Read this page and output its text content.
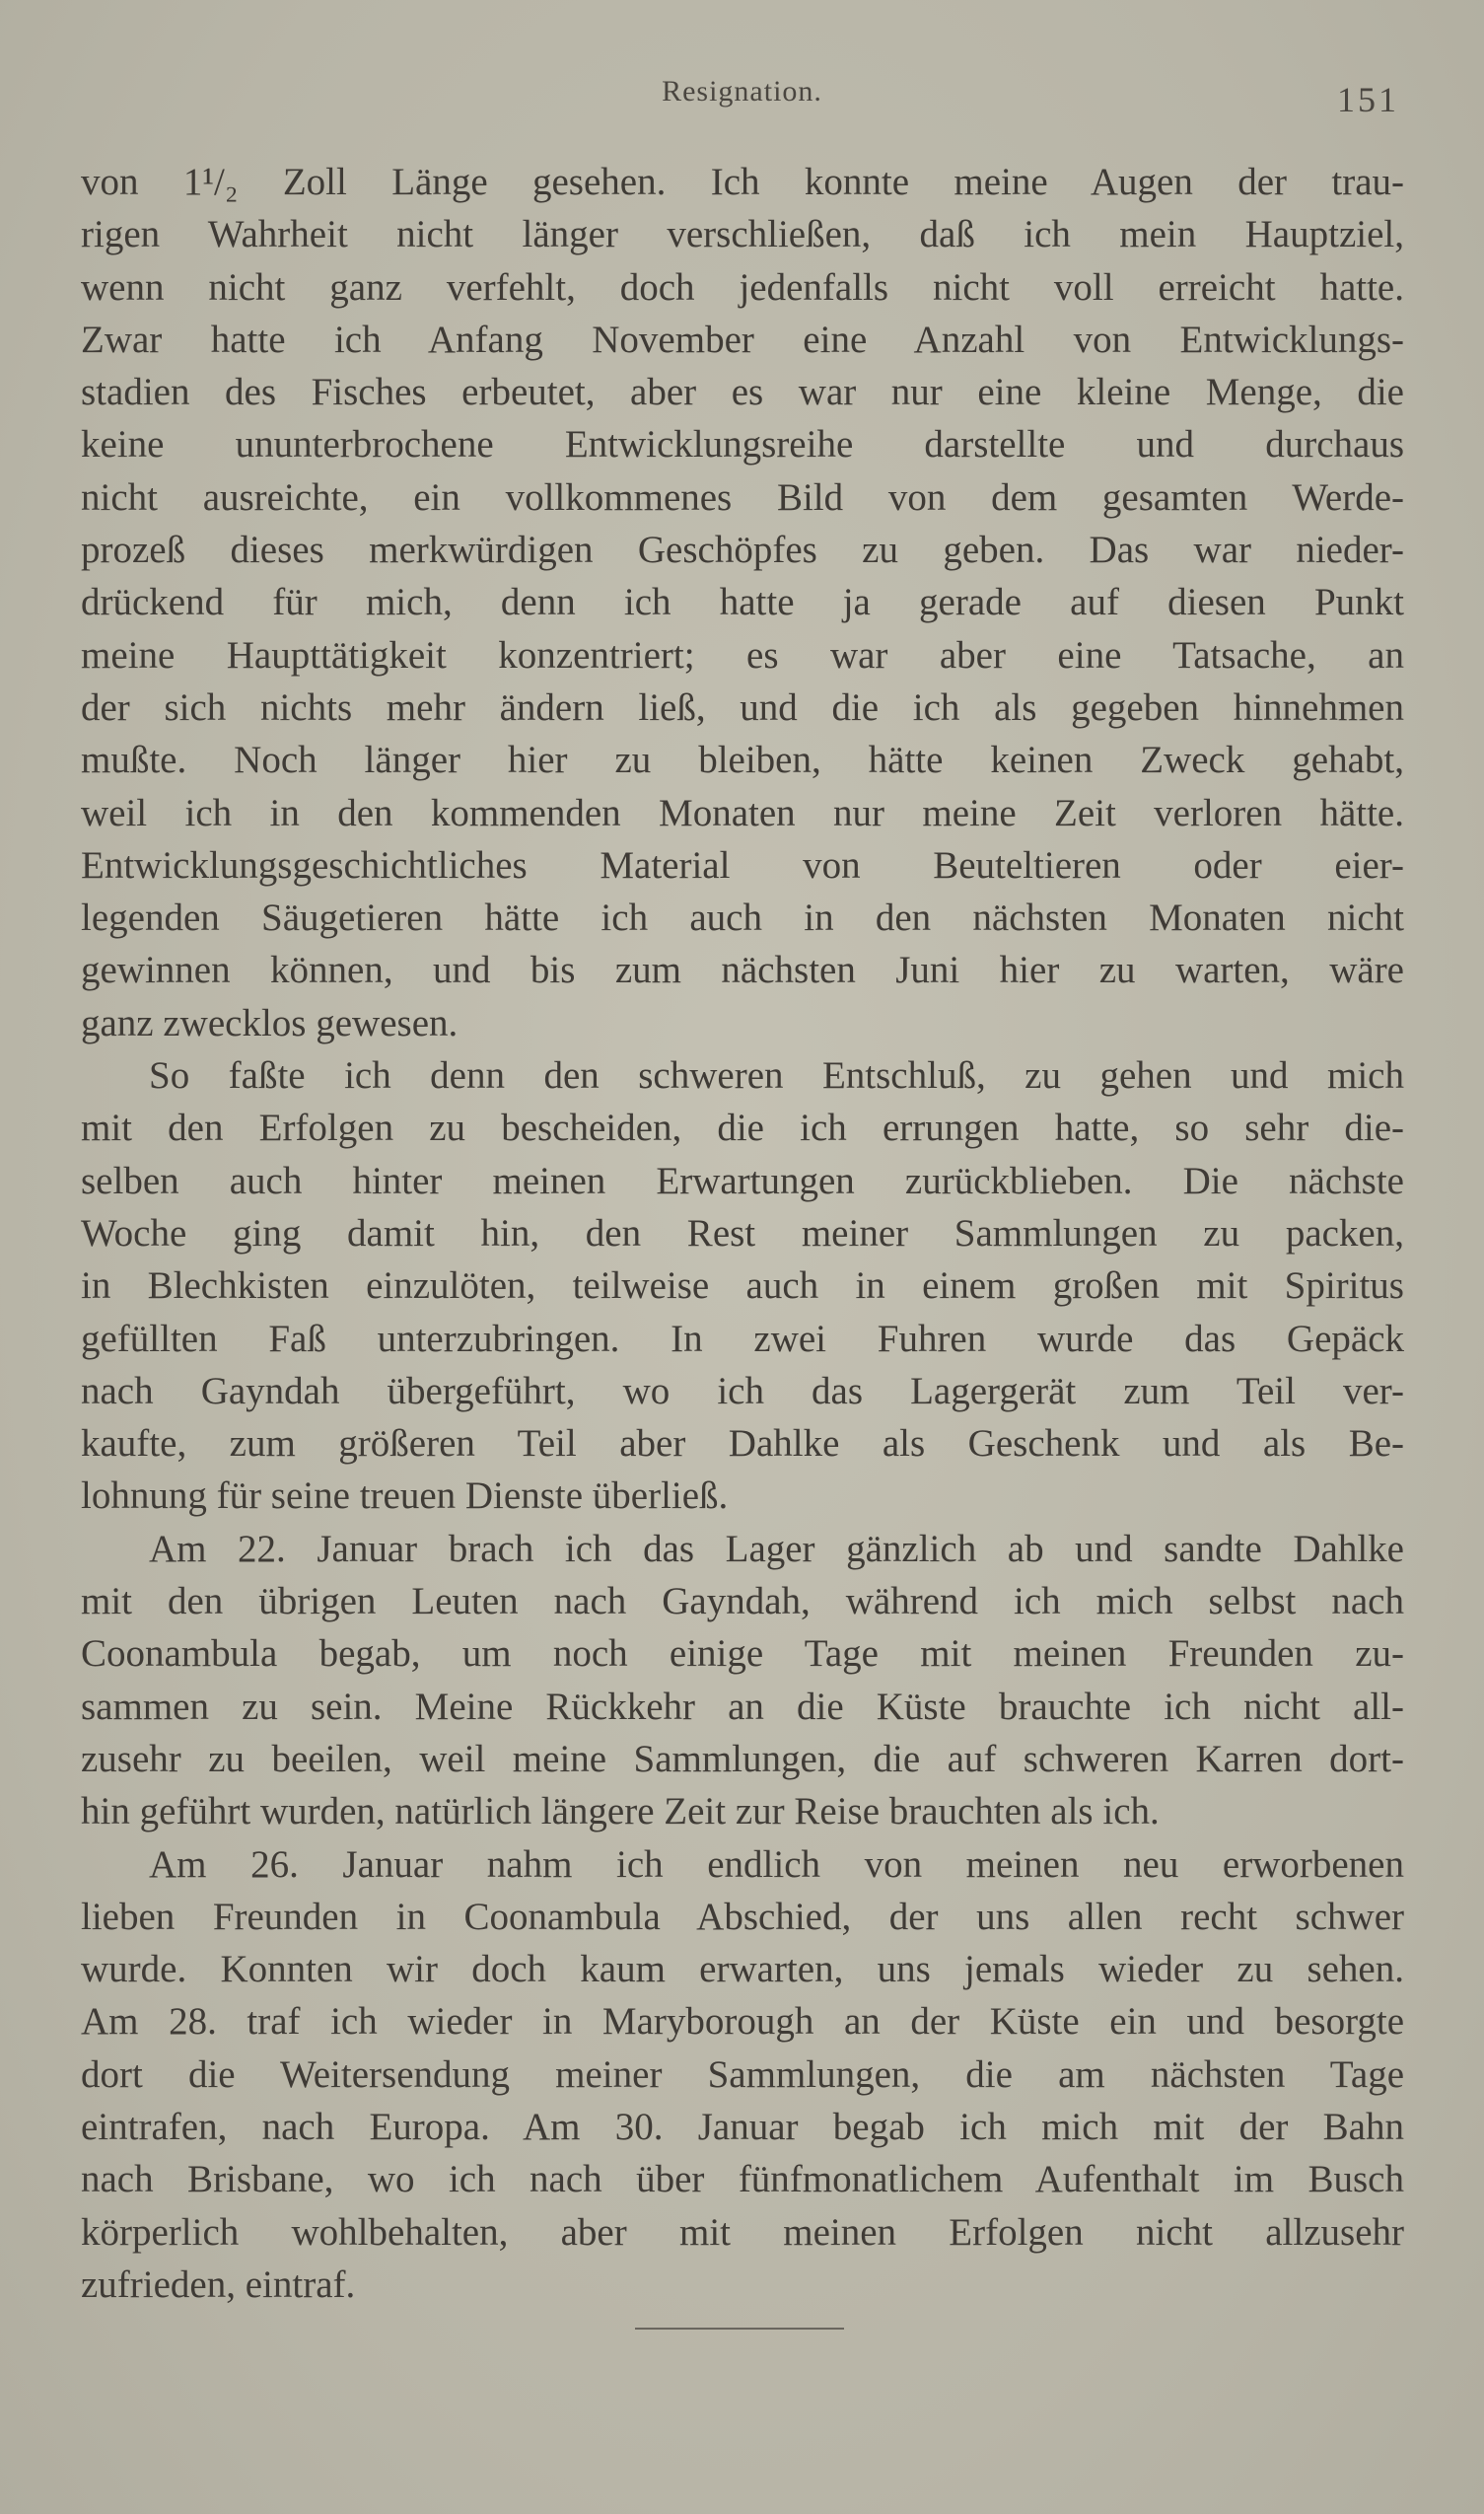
Resignation.	151
von 1¹/₂ Zoll Länge gesehen. Ich konnte meine Augen der trau-
rigen Wahrheit nicht länger verschließen, daß ich mein Hauptziel,
wenn nicht ganz verfehlt, doch jedenfalls nicht voll erreicht hatte.
Zwar hatte ich Anfang November eine Anzahl von Entwicklungs-
stadien des Fisches erbeutet, aber es war nur eine kleine Menge, die
keine ununterbrochene Entwicklungsreihe darstellte und durchaus
nicht ausreichte, ein vollkommenes Bild von dem gesamten Werde-
prozeß dieses merkwürdigen Geschöpfes zu geben. Das war nieder-
drückend für mich, denn ich hatte ja gerade auf diesen Punkt
meine Haupttätigkeit konzentriert; es war aber eine Tatsache, an
der sich nichts mehr ändern ließ, und die ich als gegeben hinnehmen
mußte. Noch länger hier zu bleiben, hätte keinen Zweck gehabt,
weil ich in den kommenden Monaten nur meine Zeit verloren hätte.
Entwicklungsgeschichtliches Material von Beuteltieren oder eier-
legenden Säugetieren hätte ich auch in den nächsten Monaten nicht
gewinnen können, und bis zum nächsten Juni hier zu warten, wäre
ganz zwecklos gewesen.
So faßte ich denn den schweren Entschluß, zu gehen und mich
mit den Erfolgen zu bescheiden, die ich errungen hatte, so sehr die-
selben auch hinter meinen Erwartungen zurückblieben. Die nächste
Woche ging damit hin, den Rest meiner Sammlungen zu packen,
in Blechkisten einzulöten, teilweise auch in einem großen mit Spiritus
gefüllten Faß unterzubringen. In zwei Fuhren wurde das Gepäck
nach Gayndah übergeführt, wo ich das Lagergerät zum Teil ver-
kaufte, zum größeren Teil aber Dahlke als Geschenk und als Be-
lohnung für seine treuen Dienste überließ.
Am 22. Januar brach ich das Lager gänzlich ab und sandte Dahlke
mit den übrigen Leuten nach Gayndah, während ich mich selbst nach
Coonambula begab, um noch einige Tage mit meinen Freunden zu-
sammen zu sein. Meine Rückkehr an die Küste brauchte ich nicht all-
zusehr zu beeilen, weil meine Sammlungen, die auf schweren Karren dort-
hin geführt wurden, natürlich längere Zeit zur Reise brauchten als ich.
Am 26. Januar nahm ich endlich von meinen neu erworbenen
lieben Freunden in Coonambula Abschied, der uns allen recht schwer
wurde. Konnten wir doch kaum erwarten, uns jemals wieder zu sehen.
Am 28. traf ich wieder in Maryborough an der Küste ein und besorgte
dort die Weitersendung meiner Sammlungen, die am nächsten Tage
eintrafen, nach Europa. Am 30. Januar begab ich mich mit der Bahn
nach Brisbane, wo ich nach über fünfmonatlichem Aufenthalt im Busch
körperlich wohlbehalten, aber mit meinen Erfolgen nicht allzusehr
zufrieden, eintraf.
